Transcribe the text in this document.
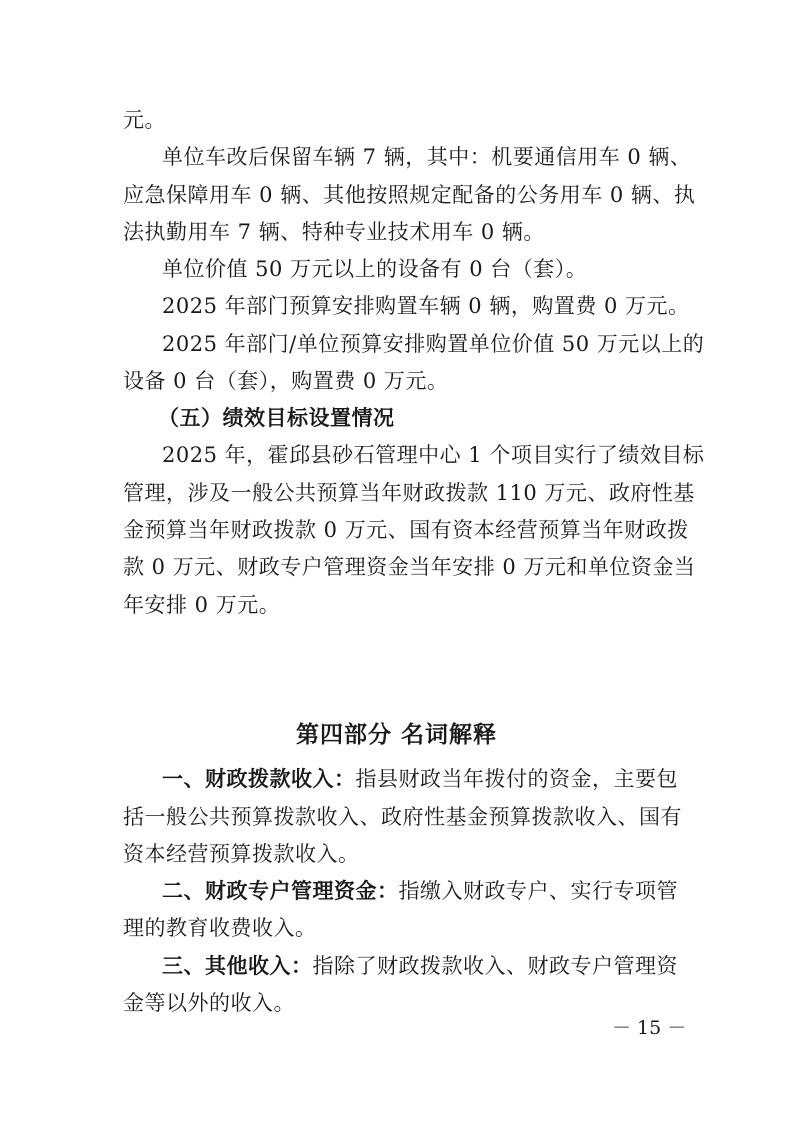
元。
单位车改后保留车辆 7 辆，其中：机要通信用车 0 辆、
应急保障用车 0 辆、其他按照规定配备的公务用车 0 辆、执
法执勤用车 7 辆、特种专业技术用车 0 辆。
单位价值 50 万元以上的设备有 0 台（套）。
2025 年部门预算安排购置车辆 0 辆，购置费 0 万元。
2025 年部门/单位预算安排购置单位价值 50 万元以上的
设备 0 台（套），购置费 0 万元。
（五）绩效目标设置情况
2025 年，霍邱县砂石管理中心 1 个项目实行了绩效目标
管理，涉及一般公共预算当年财政拨款 110 万元、政府性基
金预算当年财政拨款 0 万元、国有资本经营预算当年财政拨
款 0 万元、财政专户管理资金当年安排 0 万元和单位资金当
年安排 0 万元。
第四部分 名词解释
一、财政拨款收入： 指县财政当年拨付的资金，主要包
括一般公共预算拨款收入、政府性基金预算拨款收入、国有
资本经营预算拨款收入。
二、财政专户管理资金： 指缴入财政专户、实行专项管
理的教育收费收入。
三、其他收入： 指除了财政拨款收入、财政专户管理资
金等以外的收入。
－ 15 －
